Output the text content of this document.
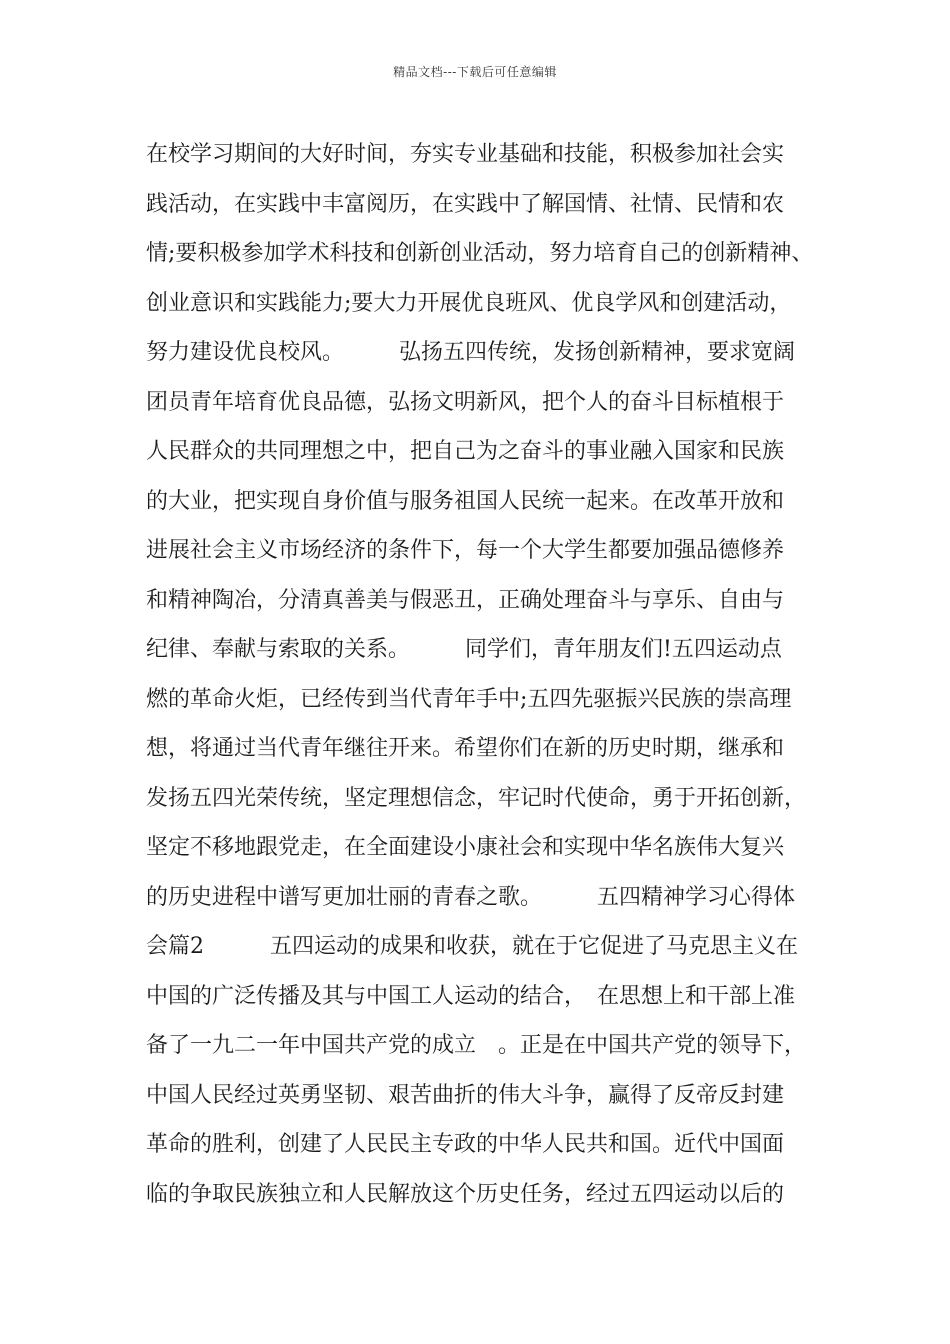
精品文档---下载后可任意编辑
在校学习期间的大好时间，夯实专业基础和技能，积极参加社会实
践活动，在实践中丰富阅历，在实践中了解国情、社情、民情和农
情;要积极参加学术科技和创新创业活动，努力培育自己的创新精神、
创业意识和实践能力;要大力开展优良班风、优良学风和创建活动，
努力建设优良校风。　　　弘扬五四传统，发扬创新精神，要求宽阔
团员青年培育优良品德，弘扬文明新风，把个人的奋斗目标植根于
人民群众的共同理想之中，把自己为之奋斗的事业融入国家和民族
的大业，把实现自身价值与服务祖国人民统一起来。在改革开放和
进展社会主义市场经济的条件下，每一个大学生都要加强品德修养
和精神陶冶，分清真善美与假恶丑，正确处理奋斗与享乐、自由与
纪律、奉献与索取的关系。　　　同学们，青年朋友们!五四运动点
燃的革命火炬，已经传到当代青年手中;五四先驱振兴民族的崇高理
想，将通过当代青年继往开来。希望你们在新的历史时期，继承和
发扬五四光荣传统，坚定理想信念，牢记时代使命，勇于开拓创新，
坚定不移地跟党走，在全面建设小康社会和实现中华名族伟大复兴
的历史进程中谱写更加壮丽的青春之歌。　　　五四精神学习心得体
会篇2　　　五四运动的成果和收获，就在于它促进了马克思主义在
中国的广泛传播及其与中国工人运动的结合，　在思想上和干部上准
备了一九二一年中国共产党的成立　。正是在中国共产党的领导下，
中国人民经过英勇坚韧、艰苦曲折的伟大斗争，赢得了反帝反封建
革命的胜利，创建了人民民主专政的中华人民共和国。近代中国面
临的争取民族独立和人民解放这个历史任务，经过五四运动以后的
